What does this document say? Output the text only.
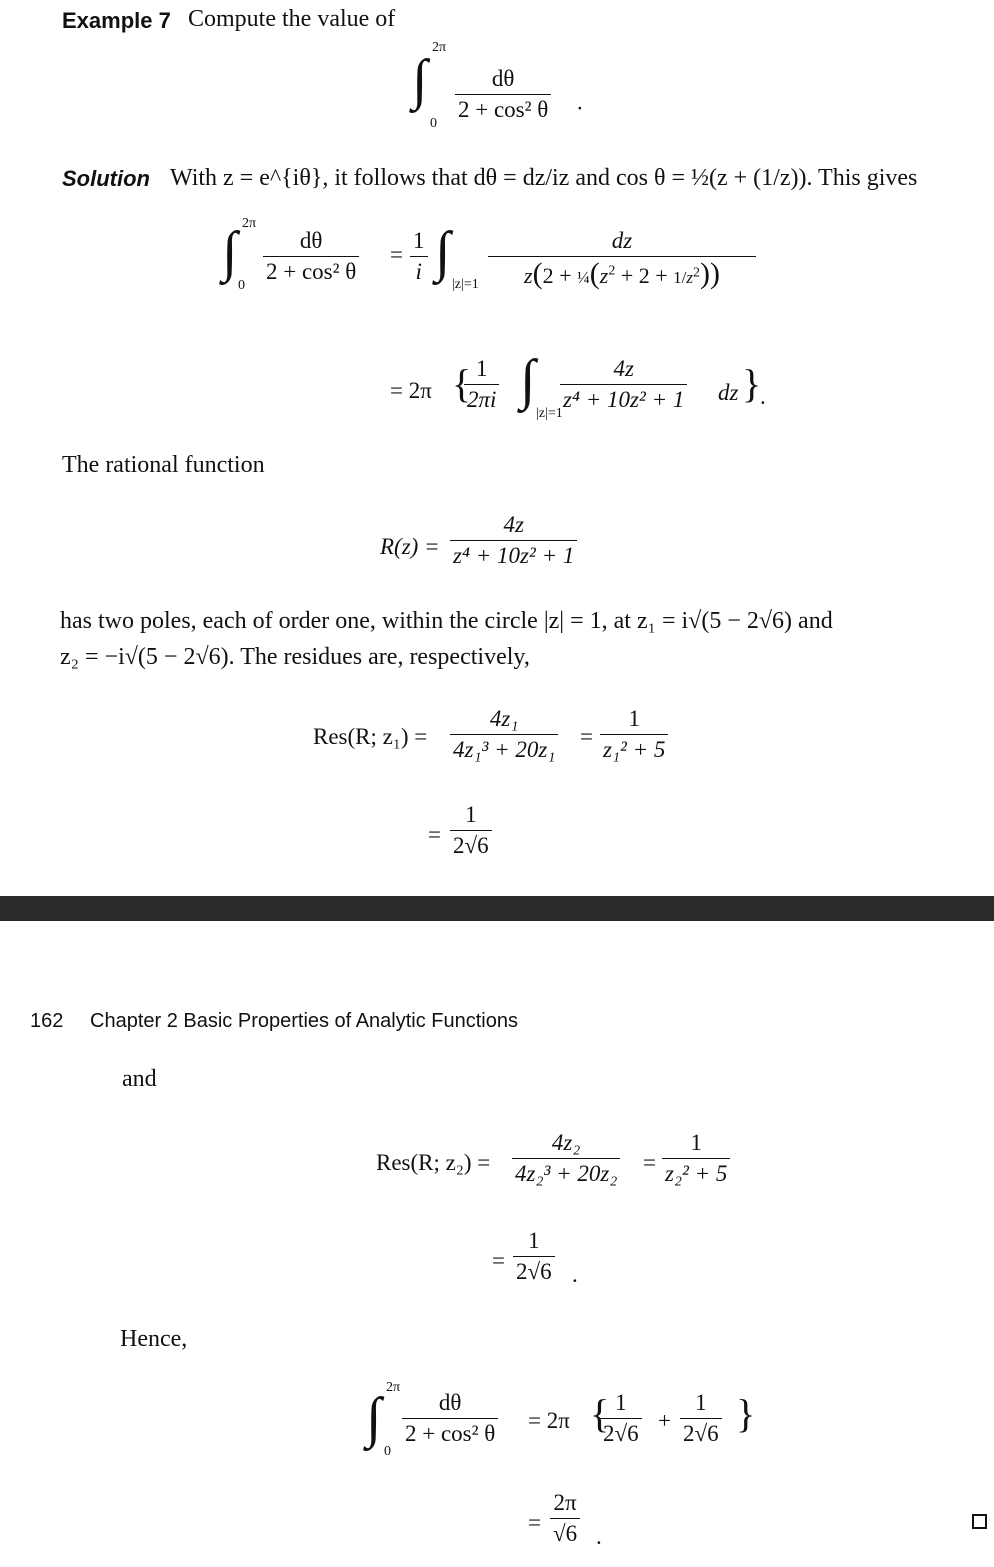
Example 7 Compute the value of
∫
2π
0
dθ
2 + cos² θ ·
Solution With z = e^{iθ}, it follows that dθ = dz/iz and cos θ = ½(z + (1/z)). This gives
∫ 2π
0
dθ
2 + cos² θ
=
1
i ∫
|z|=1
dz
$z(2 + \frac{1}{4}(z^2 + 2 + 1/z^2))$
= 2π { 1
2πi ∫
|z|=1
4z
z⁴ + 10z² + 1 dz }
.
The rational function
R(z) =
4z
z⁴ + 10z² + 1
has two poles, each of order one, within the circle |z| = 1, at z₁ = i√(5 − 2√6) and
z₂ = −i√(5 − 2√6). The residues are, respectively,
Res(R; z₁) =
4z₁
4z₁³ + 20z₁
=
1
z₁² + 5
=
1
2√6
162 Chapter 2 Basic Properties of Analytic Functions
and
Res(R; z₂) =
4z₂
4z₂³ + 20z₂ =
1
z₂² + 5
=
1
2√6 .
Hence,
∫ 2π
0
dθ
2 + cos² θ
= 2π { 1
2√6
+
1
2√6 }
=
2π
√6 .
